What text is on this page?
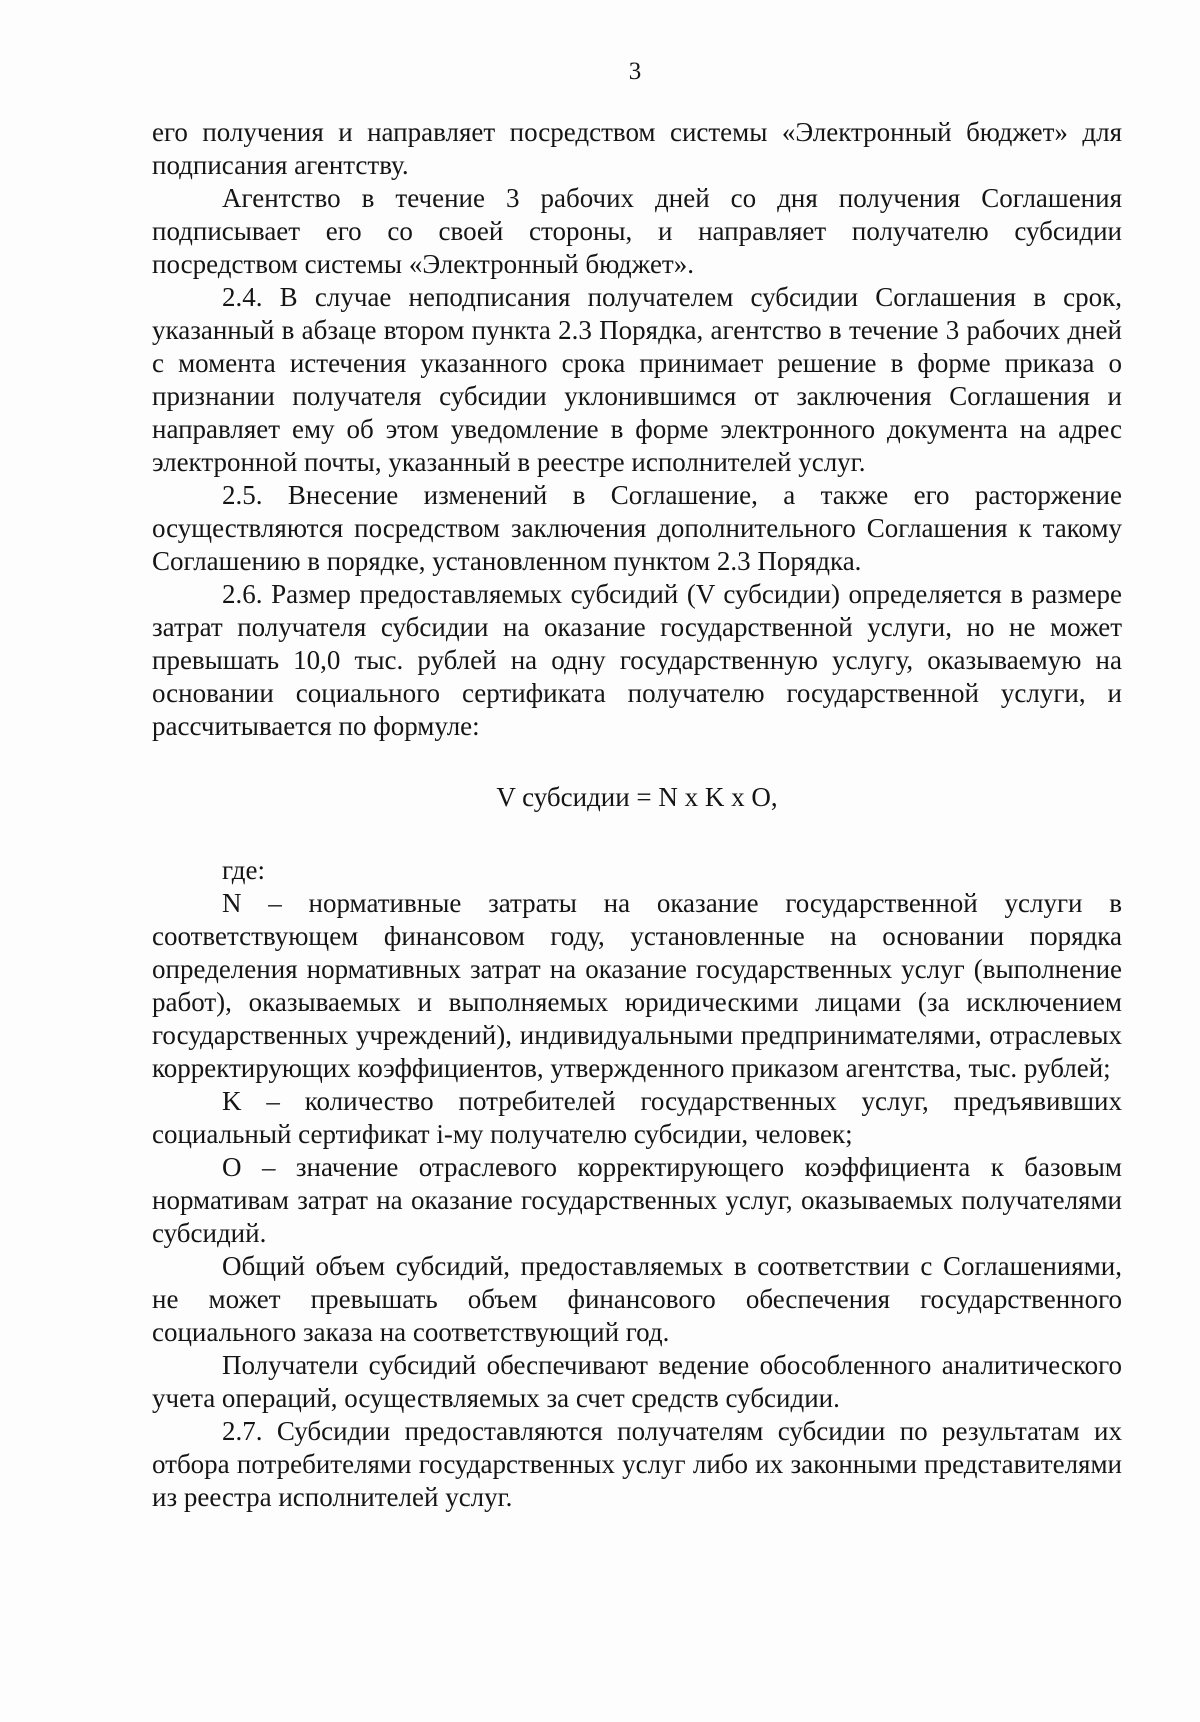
3

его получения и направляет посредством системы «Электронный бюджет» для подписания агентству.

Агентство в течение 3 рабочих дней со дня получения Соглашения подписывает его со своей стороны, и направляет получателю субсидии посредством системы «Электронный бюджет».

2.4. В случае неподписания получателем субсидии Соглашения в срок, указанный в абзаце втором пункта 2.3 Порядка, агентство в течение 3 рабочих дней с момента истечения указанного срока принимает решение в форме приказа о признании получателя субсидии уклонившимся от заключения Соглашения и направляет ему об этом уведомление в форме электронного документа на адрес электронной почты, указанный в реестре исполнителей услуг.

2.5. Внесение изменений в Соглашение, а также его расторжение осуществляются посредством заключения дополнительного Соглашения к такому Соглашению в порядке, установленном пунктом 2.3 Порядка.

2.6. Размер предоставляемых субсидий (V субсидии) определяется в размере затрат получателя субсидии на оказание государственной услуги, но не может превышать 10,0 тыс. рублей на одну государственную услугу, оказываемую на основании социального сертификата получателю государственной услуги, и рассчитывается по формуле:

V субсидии = N x K x O,

где:

N – нормативные затраты на оказание государственной услуги в соответствующем финансовом году, установленные на основании порядка определения нормативных затрат на оказание государственных услуг (выполнение работ), оказываемых и выполняемых юридическими лицами (за исключением государственных учреждений), индивидуальными предпринимателями, отраслевых корректирующих коэффициентов, утвержденного приказом агентства, тыс. рублей;

K – количество потребителей государственных услуг, предъявивших социальный сертификат i-му получателю субсидии, человек;

O – значение отраслевого корректирующего коэффициента к базовым нормативам затрат на оказание государственных услуг, оказываемых получателями субсидий.

Общий объем субсидий, предоставляемых в соответствии с Соглашениями, не может превышать объем финансового обеспечения государственного социального заказа на соответствующий год.

Получатели субсидий обеспечивают ведение обособленного аналитического учета операций, осуществляемых за счет средств субсидии.

2.7. Субсидии предоставляются получателям субсидии по результатам их отбора потребителями государственных услуг либо их законными представителями из реестра исполнителей услуг.
